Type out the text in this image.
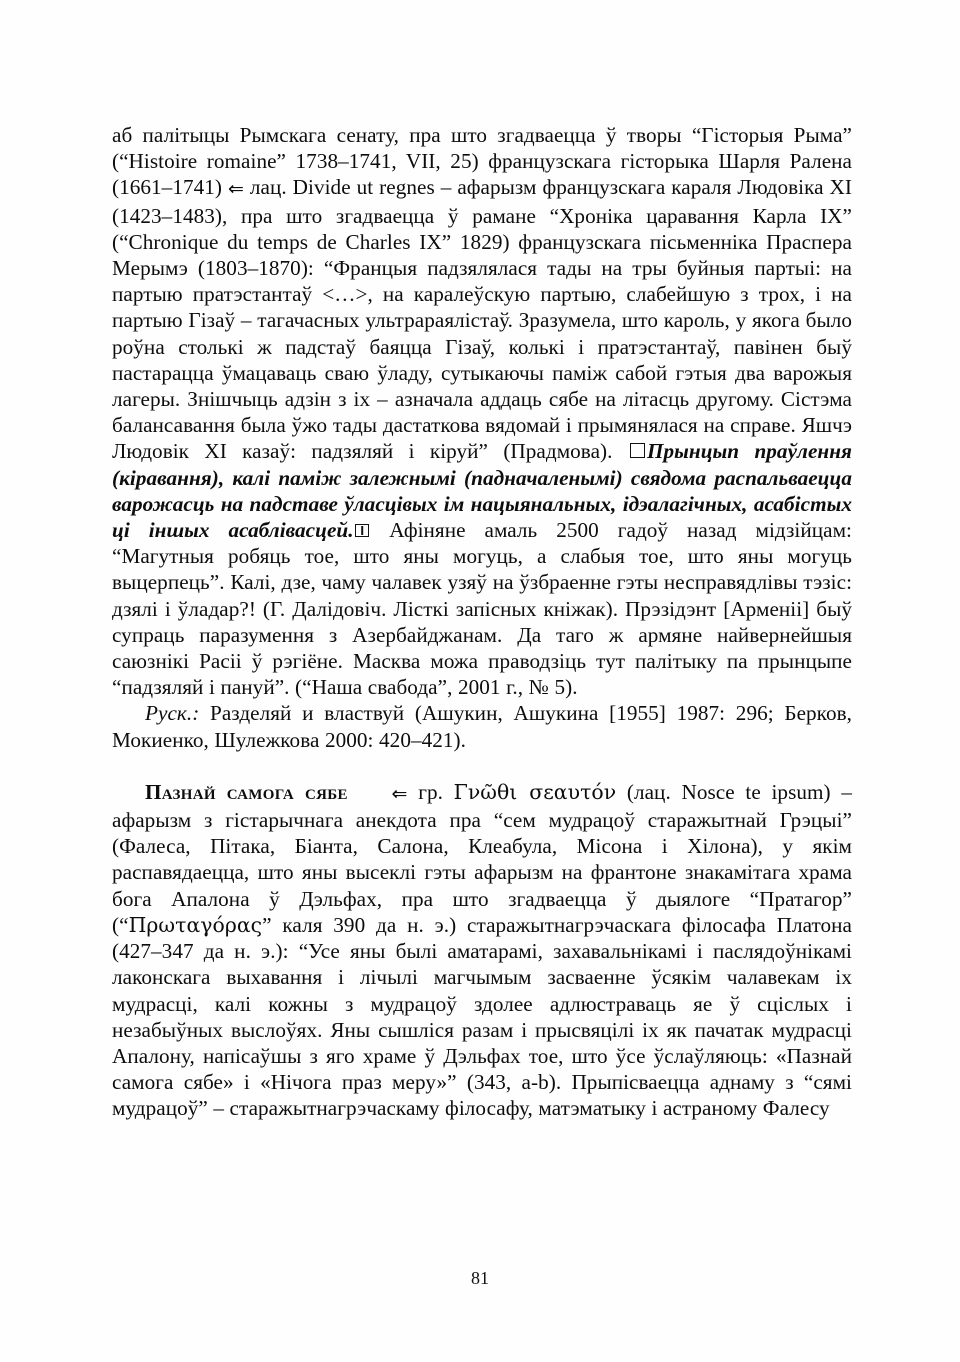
аб палітыцы Рымскага сенату, пра што згадваецца ў творы “Гісторыя Рыма” (“Histoire romaine” 1738–1741, VII, 25) французскага гісторыка Шарля Ралена (1661–1741) ⇐ лац. Divide ut regnes – афарызм французскага караля Людовіка XI (1423–1483), пра што згадваецца ў рамане “Хроніка царавання Карла IX” (“Chronique du temps de Charles IX” 1829) французскага пісьменніка Праспера Мерымэ (1803–1870): “Францыя падзялялася тады на тры буйныя партыі: на партыю пратэстантаў <…>, на каралеўскую партыю, слабейшую з трох, і на партыю Гізаў – тагачасных ультрараялістаў. Зразумела, што кароль, у якога было роўна столькі ж падстаў баяцца Гізаў, колькі і пратэстантаў, павінен быў пастарацца ўмацаваць сваю ўладу, сутыкаючы паміж сабой гэтыя два варожыя лагеры. Знішчыць адзін з іх – азначала аддаць сябе на літасць другому. Сістэма балансавання была ўжо тады дастаткова вядомай і прымянялася на справе. Яшчэ Людовік XI казаў: падзяляй і кіруй” (Прадмова). Прынцып праўлення (кіравання), калі паміж залежнымі (падначаленымі) свядома распальваецца варожасць на падставе ўласцівых ім нацыянальных, ідэалагічных, асабістых ці іншых асаблівасцей. Афіняне амаль 2500 гадоў назад мідзійцам: “Магутныя робяць тое, што яны могуць, а слабыя тое, што яны могуць выцерпець”. Калі, дзе, чаму чалавек узяў на ўзбраенне гэты несправядлівы тэзіс: дзялі і ўладар?! (Г. Далідовіч. Лісткі запісных кніжак). Прэзідэнт [Арменіі] быў супраць паразумення з Азербайджанам. Да таго ж армяне найвернейшыя саюзнікі Расіі ў рэгіёне. Масква можа праводзіць тут палітыку па прынцыпе “падзяляй і пануй”. (“Наша свабода”, 2001 г., № 5).

Руск.: Разделяй и властвуй (Ашукин, Ашукина [1955] 1987: 296; Берков, Мокиенко, Шулежкова 2000: 420–421).

Пазнай самога сябе ⇐ гр. Γνῶθι σεαυτόν (лац. Nosce te ipsum) – афарызм з гістарычнага анекдота пра “сем мудрацоў старажытнай Грэцыі” (Фалеса, Пітака, Біанта, Салона, Клеабула, Місона і Хілона), у якім распавядаецца, што яны высеклі гэты афарызм на франтоне знакамітага храма бога Апалона ў Дэльфах, пра што згадваецца ў дыялоге “Пратагор” (“Πρωταγόρας” каля 390 да н. э.) старажытнагрэчаскага філосафа Платона (427–347 да н. э.): “Усе яны былі аматарамі, захавальнікамі і паслядоўнікамі лаконскага выхавання і лічылі магчымым засваенне ўсякім чалавекам іх мудрасці, калі кожны з мудрацоў здолее адлюстраваць яе ў сціслых і незабыўных выслоўях. Яны сышліся разам і прысвяцілі іх як пачатак мудрасці Апалону, напісаўшы з яго храме ў Дэльфах тое, што ўсе ўслаўляюць: «Пазнай самога сябе» і «Нічога праз меру»” (343, a-b). Прыпісваецца аднаму з “сямі мудрацоў” – старажытнагрэчаскаму філосафу, матэматыку і астраному Фалесу

81
